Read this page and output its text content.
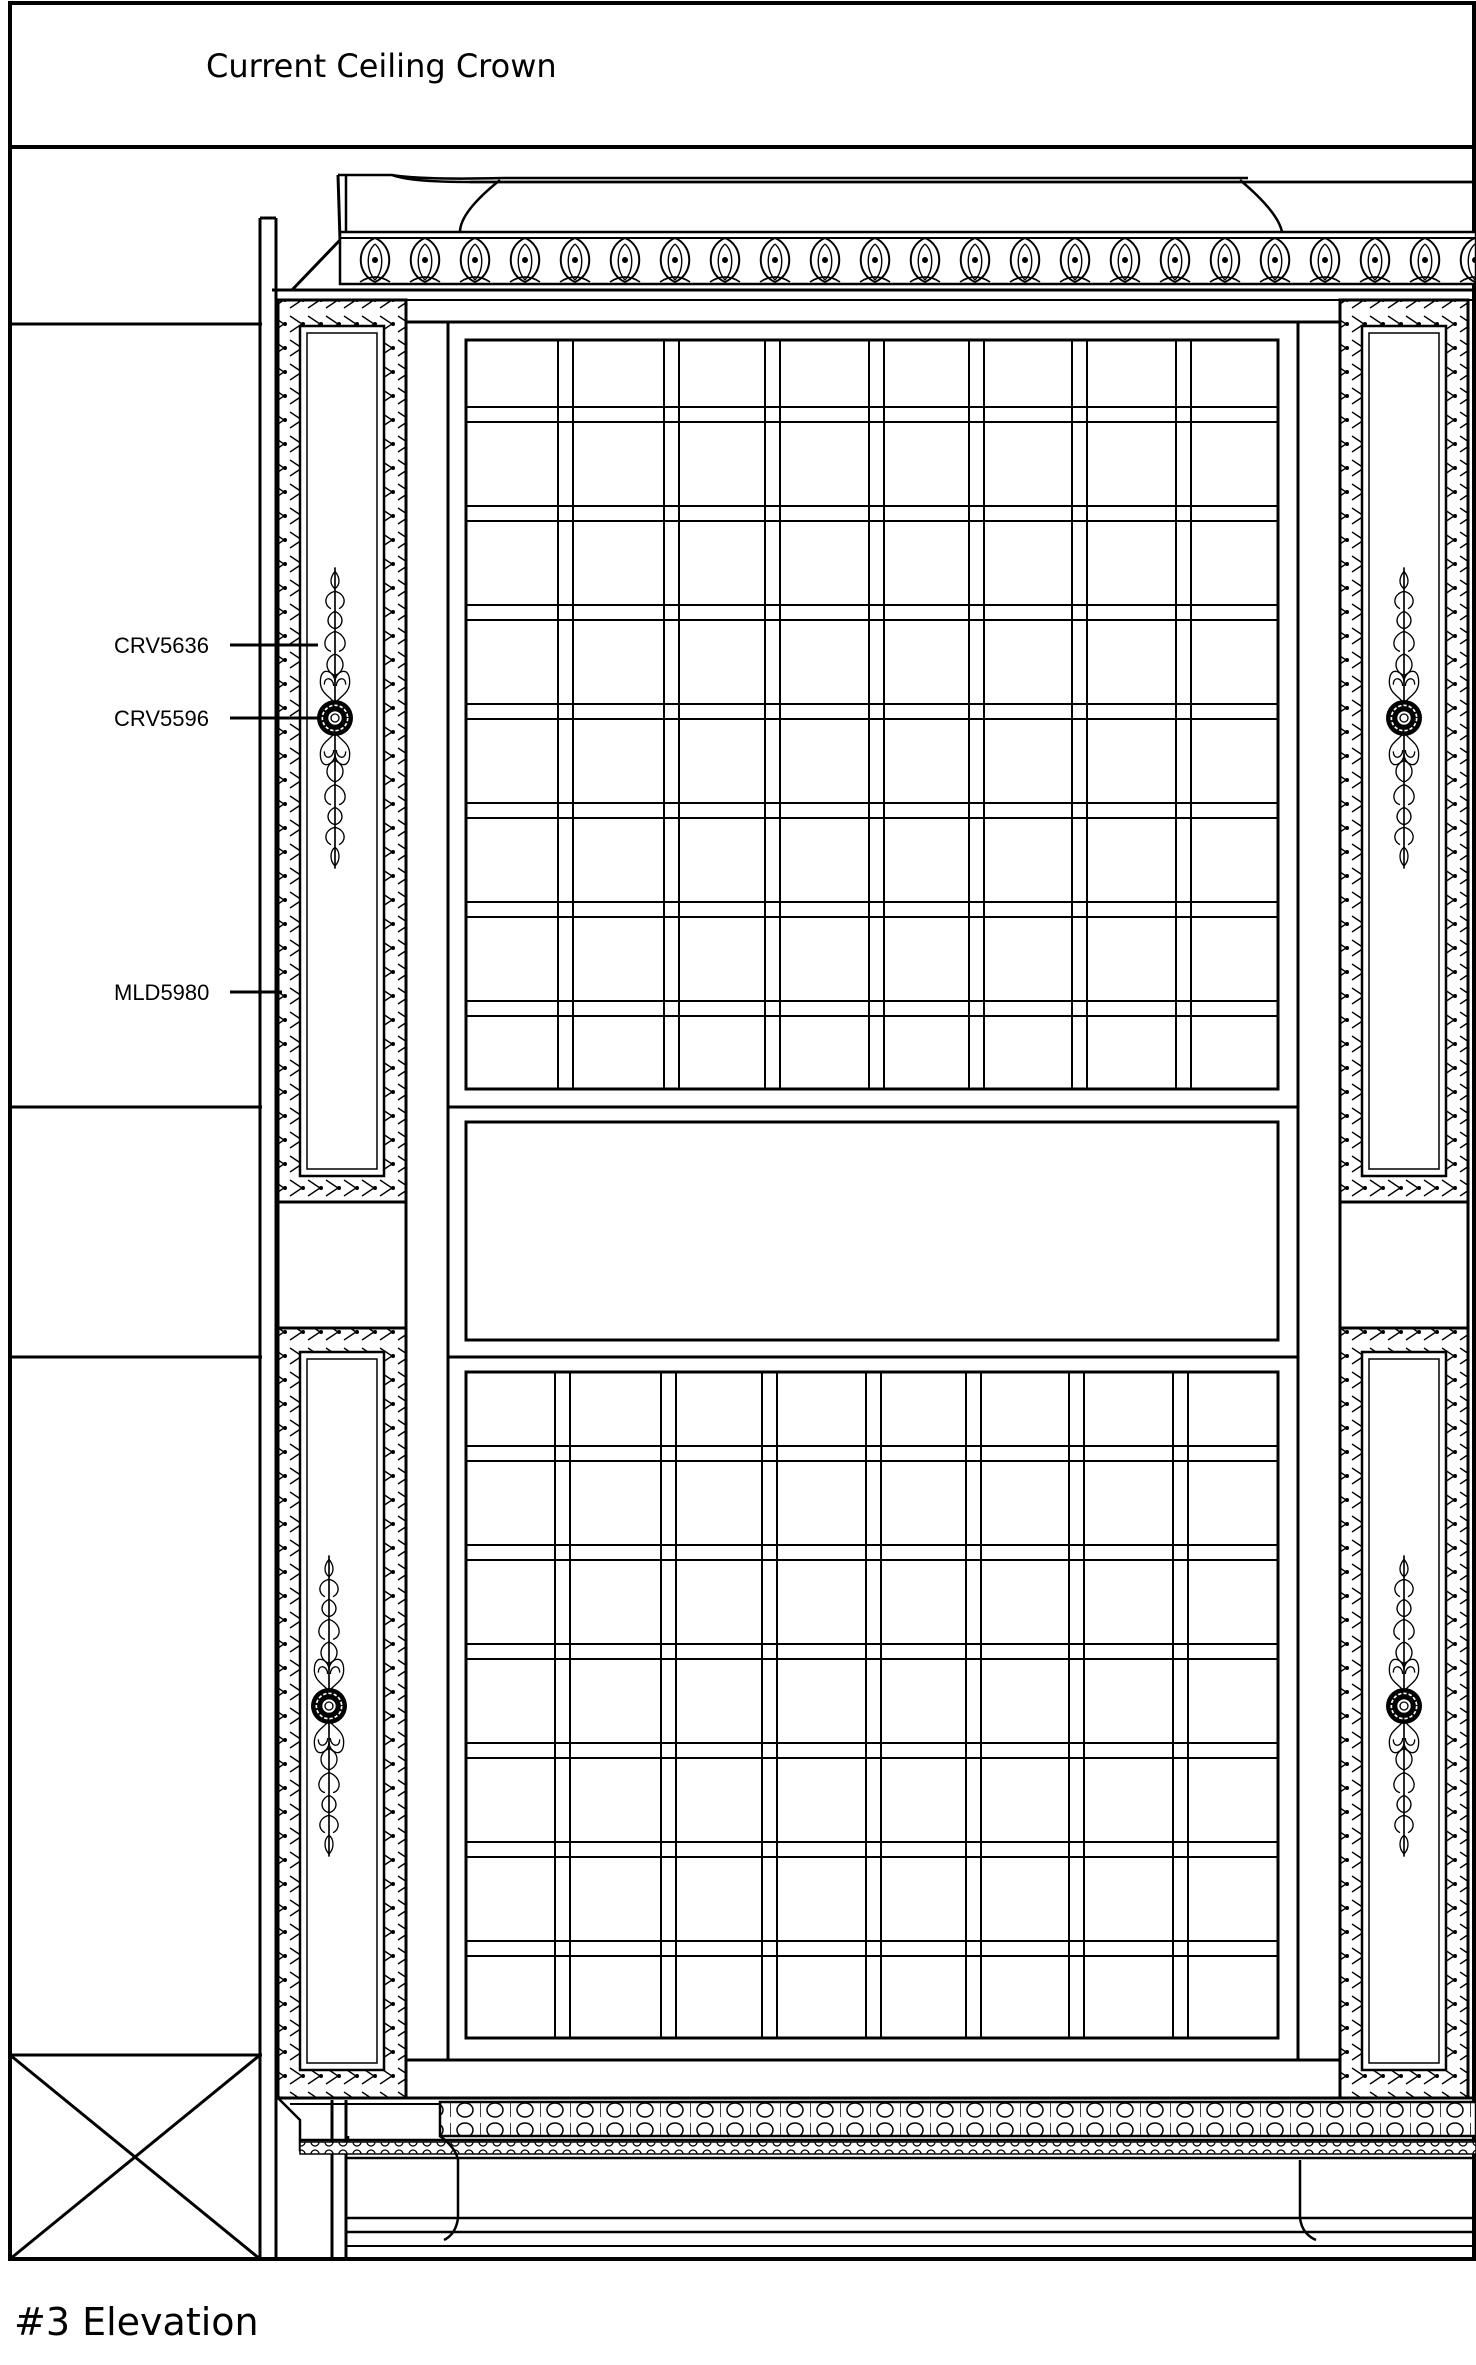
Current Ceiling Crown
CRV5636
CRV5596
MLD5980
#3 Elevation
